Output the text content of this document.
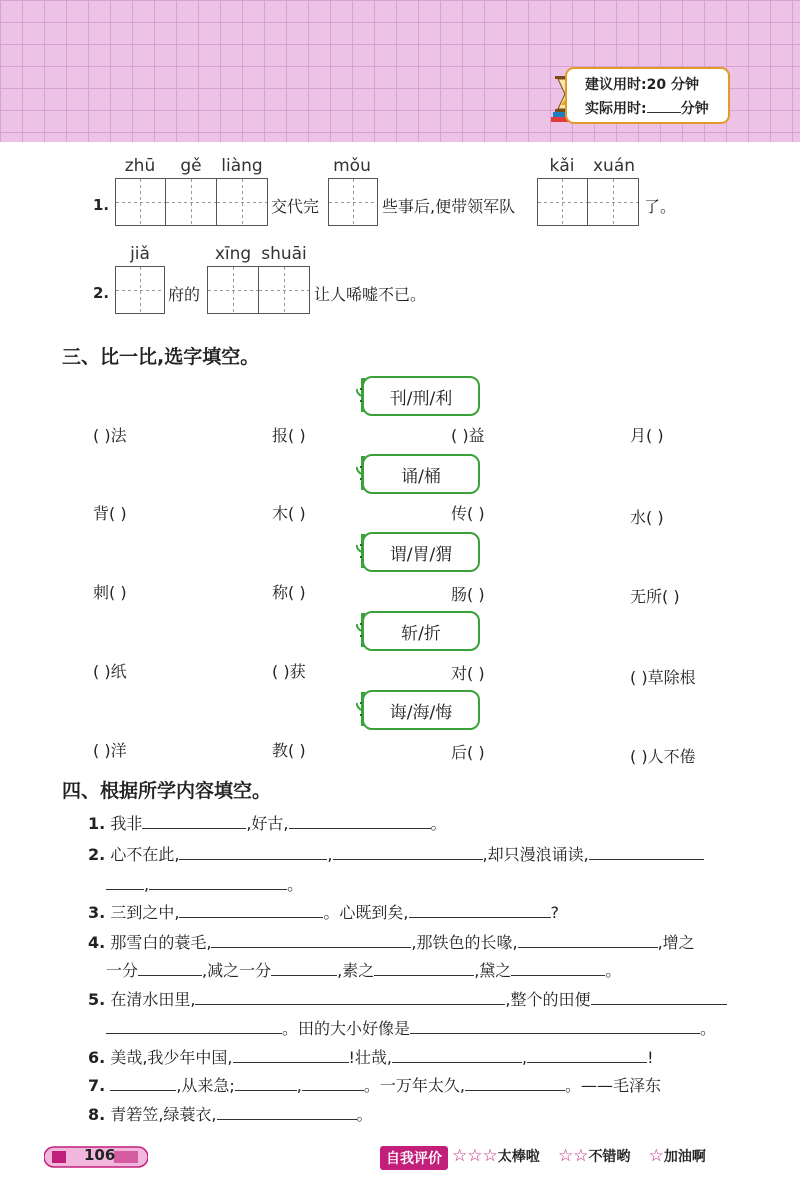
建议用时:20 分钟
实际用时: 分钟
1.
zhū	gě	liàng
交代完
mǒu
些事后,便带领军队
kǎi	xuán
了。
2.
jiǎ
府的
xīng shuāi
让人唏嘘不已。
三、比一比,选字填空。
刊/刑/利
( )法	报( )	( )益	月( )
诵/桶
背( )	木( )	传( )	水( )
谓/胃/猬
刺( )	称( )	肠( )	无所( )
斩/折
( )纸	( )获	对( )	( )草除根
诲/海/悔
( )洋	教( )	后( )	( )人不倦
四、根据所学内容填空。
1. 我非	,好古,	。
2. 心不在此,	,	,却只漫浪诵读,
,	。
3. 三到之中,	。心既到矣,	?
4. 那雪白的蓑毛,	,那铁色的长喙,	,增之
一分	,减之一分	,素之	,黛之	。
5. 在清水田里,	,整个的田便
。田的大小好像是	。
6. 美哉,我少年中国,	!壮哉,	,	!
7.	,从来急;	,	。一万年太久,	。——毛泽东
8. 青箬笠,绿蓑衣,	。
106	自我评价 ☆☆☆太棒啦 ☆☆不错哟 ☆加油啊
